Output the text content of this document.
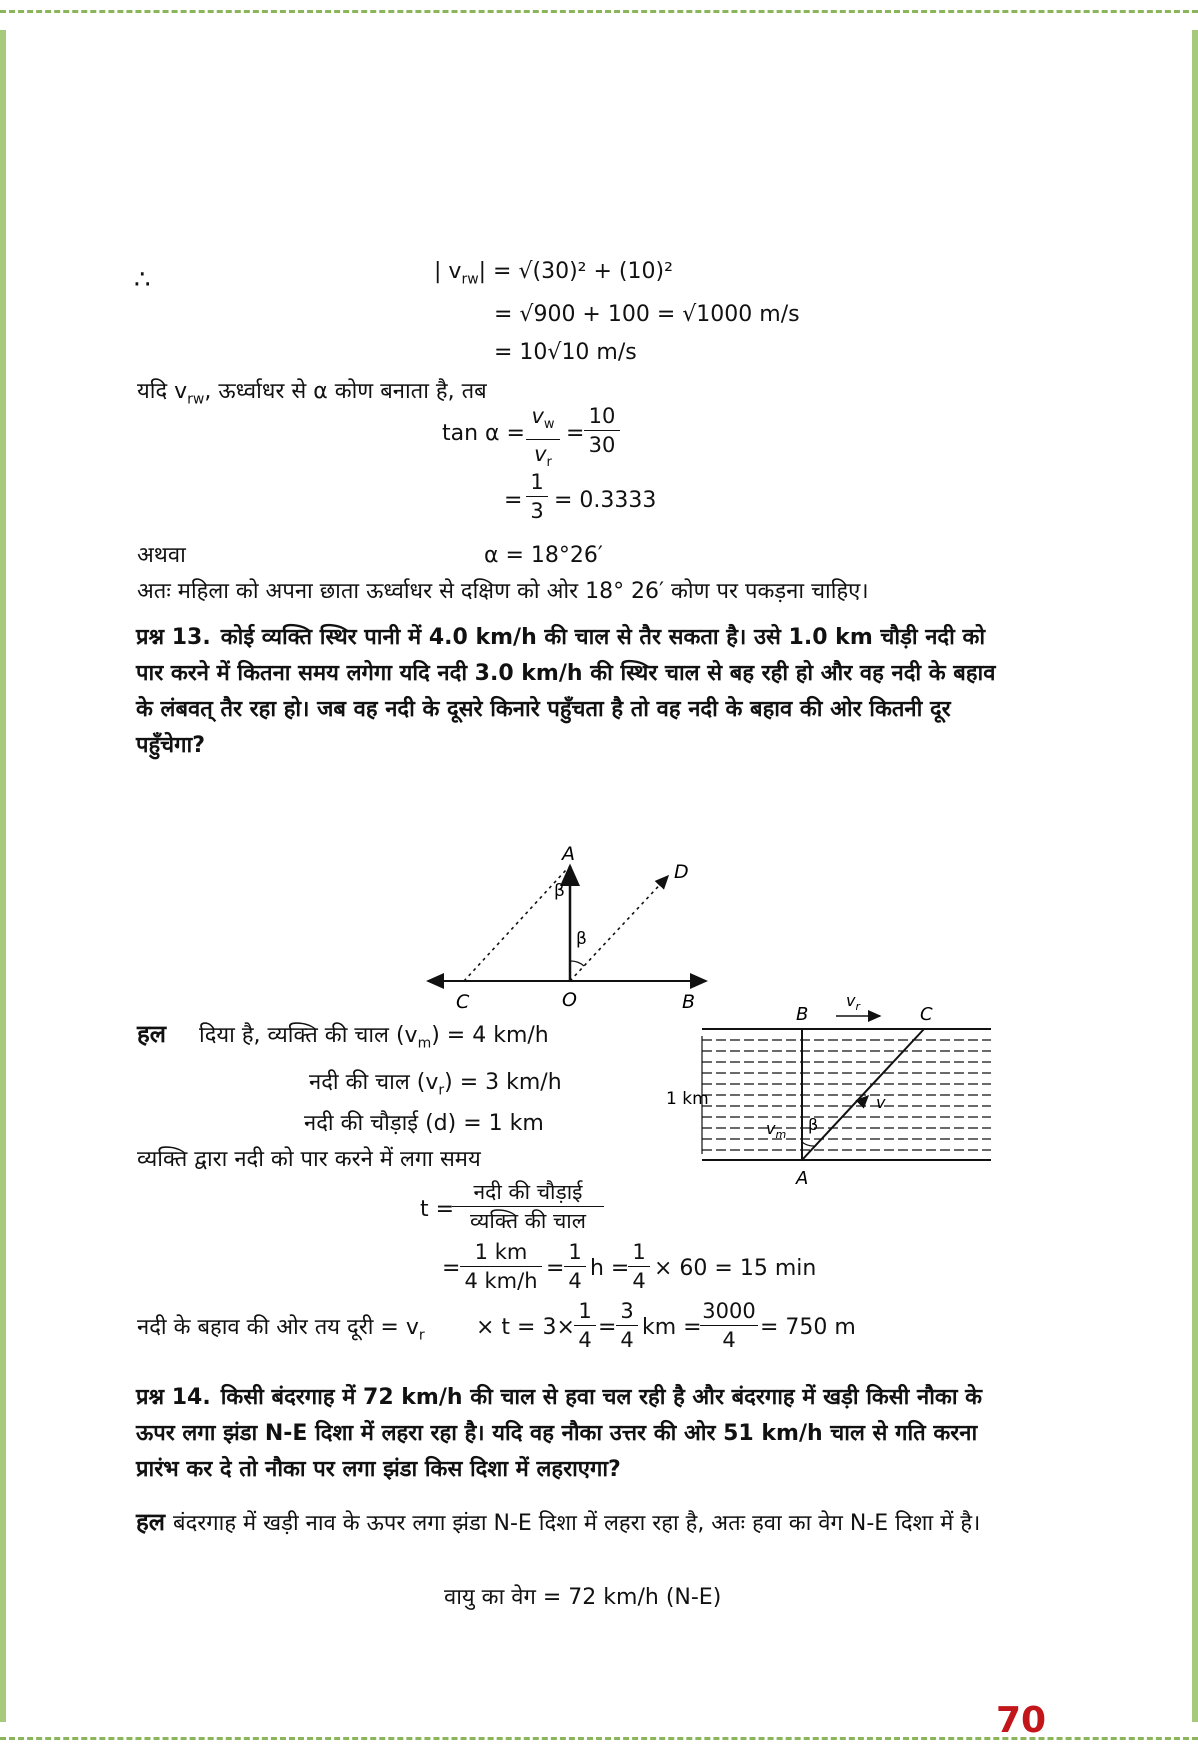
∴	| $v_{rw}| = √(30)^2 + (10)^2$
= √900 + 100 = √1000 m/s
= 10√10 m/s
यदि $v_{rw}$, ऊर्ध्वाधर से α कोण बनाता है, तब
$\tan \alpha = \frac{v_w}{v_r} = \frac{10}{30}$
= $\frac{1}{3} = 0.3333$
अथवा	α = 18°26′
अतः महिला को अपना छाता ऊर्ध्वाधर से दक्षिण को ओर 18° 26′ कोण पर पकड़ना चाहिए।
प्रश्न 13. कोई व्यक्ति स्थिर पानी में 4.0 km/h की चाल से तैर सकता है। उसे 1.0 km चौड़ी नदी को पार करने में कितना समय लगेगा यदि नदी 3.0 km/h की स्थिर चाल से बह रही हो और वह नदी के बहाव के लंबवत् तैर रहा हो। जब वह नदी के दूसरे किनारे पहुँचता है तो वह नदी के बहाव की ओर कितनी दूर पहुँचेगा?
A
D
C	O	B
β
β
हल दिया है, व्यक्ति की चाल $(v_m) = 4$ km/h
नदी की चाल $(v_r) = 3$ km/h
नदी की चौड़ाई (d) = 1 km
व्यक्ति द्वारा नदी को पार करने में लगा समय
t =
नदी की चौड़ाई
व्यक्ति की चाल
= $\frac{1 km}{4 km/h} = \frac{1}{4}$ h =
$\frac{1}{4} \times 60 = 15$ min
नदी के बहाव की ओर तय दूरी = $v_r \times t = 3\times \frac{1}{4} = \frac{3}{4}$ km =
$\frac{3000}{4} = 750$ m
B	C
A
$v_r$
v
$v_m$
β
1 km
प्रश्न 14. किसी बंदरगाह में 72 km/h की चाल से हवा चल रही है और बंदरगाह में खड़ी किसी नौका के ऊपर लगा झंडा N-E दिशा में लहरा रहा है। यदि वह नौका उत्तर की ओर 51 km/h चाल से गति करना प्रारंभ कर दे तो नौका पर लगा झंडा किस दिशा में लहराएगा?
हल बंदरगाह में खड़ी नाव के ऊपर लगा झंडा N-E दिशा में लहरा रहा है, अतः हवा का वेग N-E दिशा में है।
वायु का वेग = 72 km/h (N-E)
70
